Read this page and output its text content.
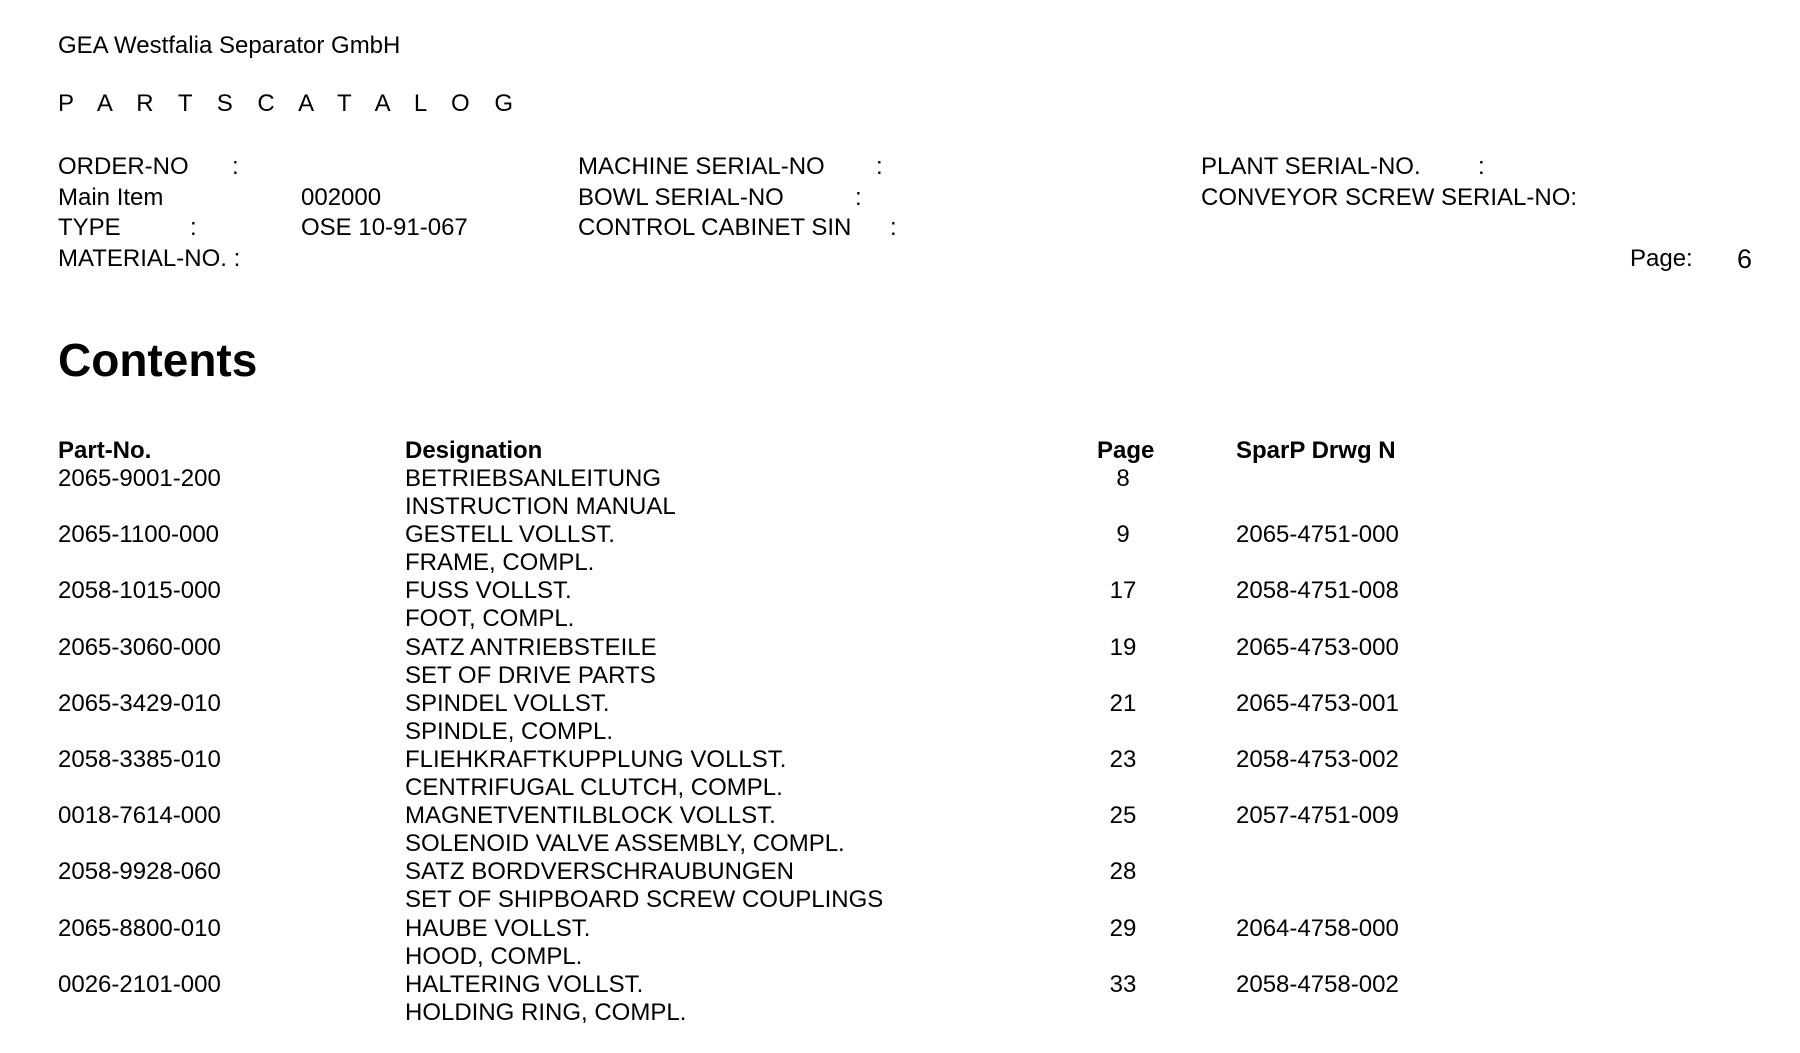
GEA Westfalia Separator GmbH
P A R T S C A T A L O G
ORDER-NO :
Main Item	002000
TYPE	:	OSE 10-91-067
MATERIAL-NO. :
MACHINE SERIAL-NO :
BOWL SERIAL-NO	:
CONTROL CABINET SIN :
PLANT SERIAL-NO. :
CONVEYOR SCREW SERIAL-NO:
Page: 6
Contents
Part-No.	Designation	Page	SparP Drwg N
2065-9001-200	BETRIEBSANLEITUNG
INSTRUCTION MANUAL
8
2065-1100-000	GESTELL VOLLST.
FRAME, COMPL.
9	2065-4751-000
2058-1015-000	FUSS VOLLST.
FOOT, COMPL.
17	2058-4751-008
2065-3060-000	SATZ ANTRIEBSTEILE
SET OF DRIVE PARTS
19	2065-4753-000
2065-3429-010	SPINDEL VOLLST.
SPINDLE, COMPL.
21	2065-4753-001
2058-3385-010	FLIEHKRAFTKUPPLUNG VOLLST.
CENTRIFUGAL CLUTCH, COMPL.
23	2058-4753-002
0018-7614-000	MAGNETVENTILBLOCK VOLLST.
SOLENOID VALVE ASSEMBLY, COMPL.
25	2057-4751-009
2058-9928-060	SATZ BORDVERSCHRAUBUNGEN
SET OF SHIPBOARD SCREW COUPLINGS
28
2065-8800-010	HAUBE VOLLST.
HOOD, COMPL.
29	2064-4758-000
0026-2101-000	HALTERING VOLLST.
HOLDING RING, COMPL.
33	2058-4758-002
